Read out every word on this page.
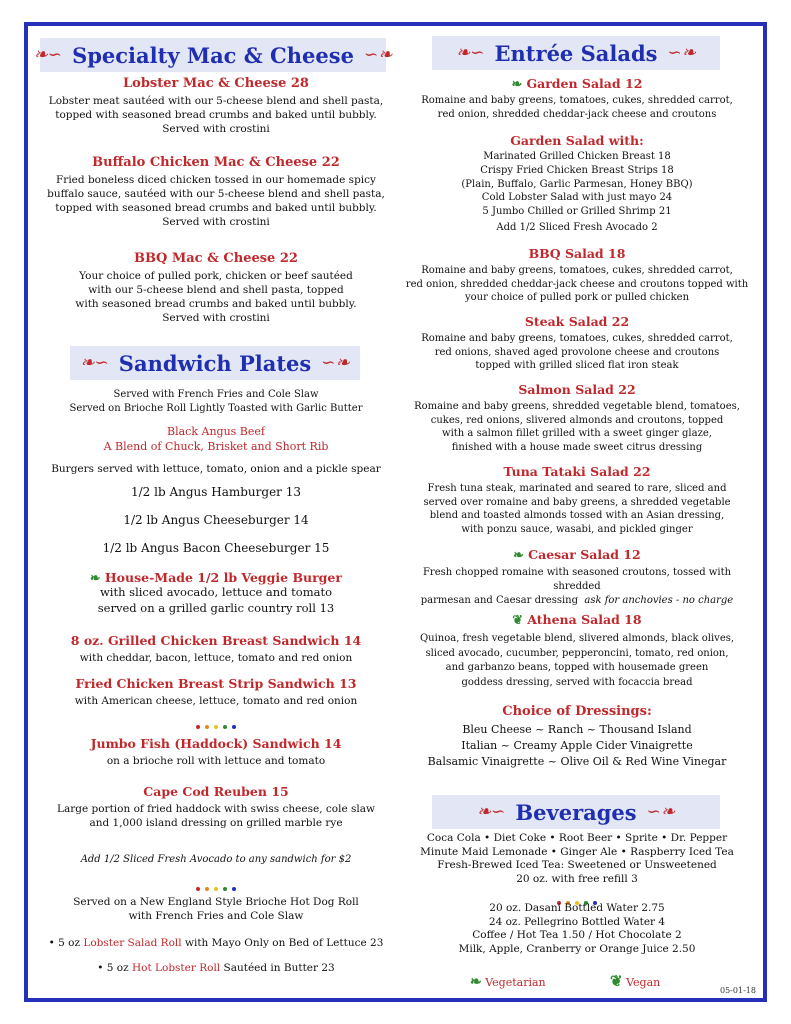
❧∽ Specialty Mac & Cheese ∽❧
Lobster Mac & Cheese 28
Lobster meat sautéed with our 5-cheese blend and shell pasta,
topped with seasoned bread crumbs and baked until bubbly.
Served with crostini
Buffalo Chicken Mac & Cheese 22
Fried boneless diced chicken tossed in our homemade spicy
buffalo sauce, sautéed with our 5-cheese blend and shell pasta,
topped with seasoned bread crumbs and baked until bubbly.
Served with crostini
BBQ Mac & Cheese 22
Your choice of pulled pork, chicken or beef sautéed
with our 5-cheese blend and shell pasta, topped
with seasoned bread crumbs and baked until bubbly.
Served with crostini
❧∽ Sandwich Plates ∽❧
Served with French Fries and Cole Slaw
Served on Brioche Roll Lightly Toasted with Garlic Butter
Black Angus Beef
A Blend of Chuck, Brisket and Short Rib
Burgers served with lettuce, tomato, onion and a pickle spear
1/2 lb Angus Hamburger 13
1/2 lb Angus Cheeseburger 14
1/2 lb Angus Bacon Cheeseburger 15
❧ House-Made 1/2 lb Veggie Burger
with sliced avocado, lettuce and tomato
served on a grilled garlic country roll 13
8 oz. Grilled Chicken Breast Sandwich 14
with cheddar, bacon, lettuce, tomato and red onion
Fried Chicken Breast Strip Sandwich 13
with American cheese, lettuce, tomato and red onion
Jumbo Fish (Haddock) Sandwich 14
on a brioche roll with lettuce and tomato
Cape Cod Reuben 15
Large portion of fried haddock with swiss cheese, cole slaw
and 1,000 island dressing on grilled marble rye
Add 1/2 Sliced Fresh Avocado to any sandwich for $2
Served on a New England Style Brioche Hot Dog Roll
with French Fries and Cole Slaw
• 5 oz Lobster Salad Roll with Mayo Only on Bed of Lettuce 23
• 5 oz Hot Lobster Roll Sautéed in Butter 23
❧∽ Entrée Salads ∽❧
❧ Garden Salad 12
Romaine and baby greens, tomatoes, cukes, shredded carrot,
red onion, shredded cheddar-jack cheese and croutons
Garden Salad with:
Marinated Grilled Chicken Breast 18
Crispy Fried Chicken Breast Strips 18
(Plain, Buffalo, Garlic Parmesan, Honey BBQ)
Cold Lobster Salad with just mayo 24
5 Jumbo Chilled or Grilled Shrimp 21
Add 1/2 Sliced Fresh Avocado 2
BBQ Salad 18
Romaine and baby greens, tomatoes, cukes, shredded carrot,
red onion, shredded cheddar-jack cheese and croutons topped with
your choice of pulled pork or pulled chicken
Steak Salad 22
Romaine and baby greens, tomatoes, cukes, shredded carrot,
red onions, shaved aged provolone cheese and croutons
topped with grilled sliced flat iron steak
Salmon Salad 22
Romaine and baby greens, shredded vegetable blend, tomatoes,
cukes, red onions, slivered almonds and croutons, topped
with a salmon fillet grilled with a sweet ginger glaze,
finished with a house made sweet citrus dressing
Tuna Tataki Salad 22
Fresh tuna steak, marinated and seared to rare, sliced and
served over romaine and baby greens, a shredded vegetable
blend and toasted almonds tossed with an Asian dressing,
with ponzu sauce, wasabi, and pickled ginger
❧ Caesar Salad 12
Fresh chopped romaine with seasoned croutons, tossed with shredded
parmesan and Caesar dressing ask for anchovies - no charge
❦ Athena Salad 18
Quinoa, fresh vegetable blend, slivered almonds, black olives,
sliced avocado, cucumber, pepperoncini, tomato, red onion,
and garbanzo beans, topped with housemade green
goddess dressing, served with focaccia bread
Choice of Dressings:
Bleu Cheese ~ Ranch ~ Thousand Island
Italian ~ Creamy Apple Cider Vinaigrette
Balsamic Vinaigrette ~ Olive Oil & Red Wine Vinegar
❧∽ Beverages ∽❧
Coca Cola • Diet Coke • Root Beer • Sprite • Dr. Pepper
Minute Maid Lemonade • Ginger Ale • Raspberry Iced Tea
Fresh-Brewed Iced Tea: Sweetened or Unsweetened
20 oz. with free refill 3
20 oz. Dasani Bottled Water 2.75
24 oz. Pellegrino Bottled Water 4
Coffee / Hot Tea 1.50 / Hot Chocolate 2
Milk, Apple, Cranberry or Orange Juice 2.50
❧ Vegetarian	❦ Vegan
05-01-18
